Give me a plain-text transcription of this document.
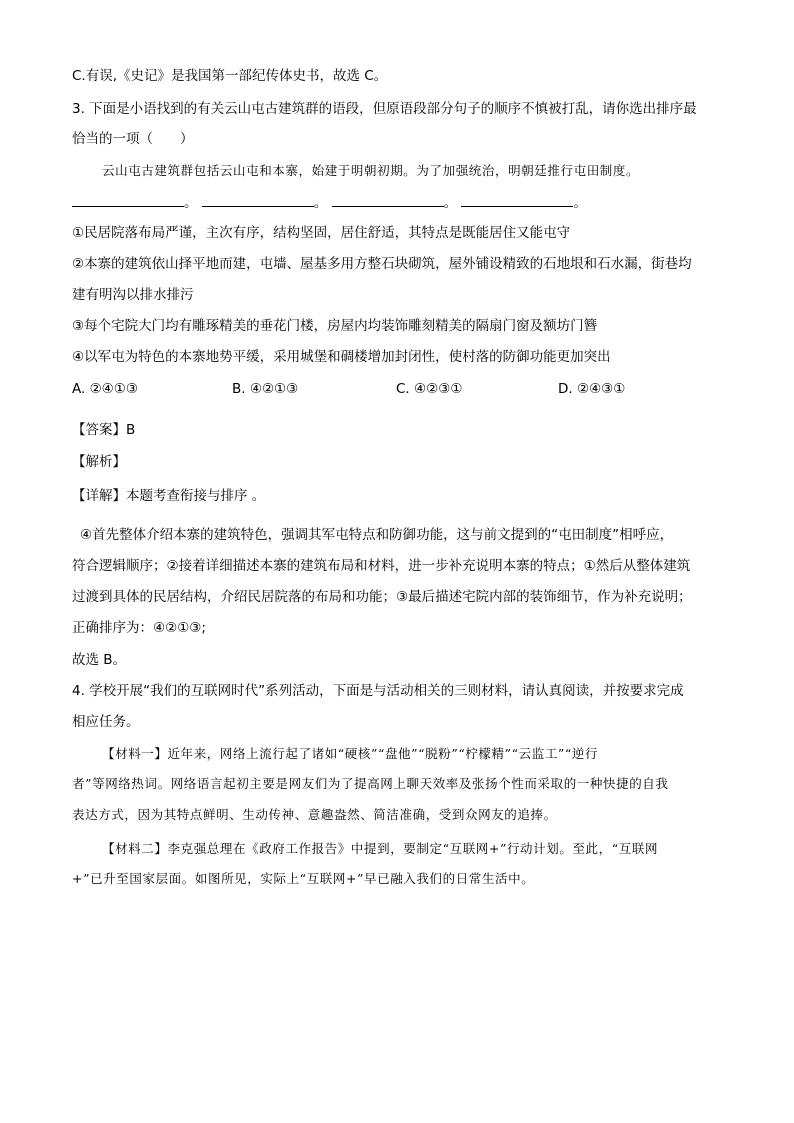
C.有误,《史记》是我国第一部纪传体史书，故选 C。
3. 下面是小语找到的有关云山屯古建筑群的语段，但原语段部分句子的顺序不慎被打乱，请你选出排序最
恰当的一项（　　）
云山屯古建筑群包括云山屯和本寨，始建于明朝初期。为了加强统治，明朝廷推行屯田制度。
。	。	。	。
①民居院落布局严谨，主次有序，结构坚固，居住舒适，其特点是既能居住又能屯守
②本寨的建筑依山择平地而建，屯墙、屋基多用方整石块砌筑，屋外铺设精致的石地垠和石水漏，街巷均
建有明沟以排水排污
③每个宅院大门均有雕琢精美的垂花门楼，房屋内均装饰雕刻精美的隔扇门窗及额坊门簪
④以军屯为特色的本寨地势平缓，采用城堡和碉楼增加封闭性，使村落的防御功能更加突出
A. ②④①③	B. ④②①③	C. ④②③①	D. ②④③①
【答案】B
【解析】
【详解】本题考查衔接与排序 。
④首先整体介绍本寨的建筑特色，强调其军屯特点和防御功能，这与前文提到的“屯田制度”相呼应，
符合逻辑顺序；②接着详细描述本寨的建筑布局和材料，进一步补充说明本寨的特点；①然后从整体建筑
过渡到具体的民居结构，介绍民居院落的布局和功能；③最后描述宅院内部的装饰细节，作为补充说明；
正确排序为：④②①③;
故选 B。
4. 学校开展“我们的互联网时代”系列活动，下面是与活动相关的三则材料，请认真阅读，并按要求完成
相应任务。
【材料一】近年来，网络上流行起了诸如“硬核”“盘他”“脱粉”“柠檬精”“云监工”“逆行
者”等网络热词。网络语言起初主要是网友们为了提高网上聊天效率及张扬个性而采取的一种快捷的自我
表达方式，因为其特点鲜明、生动传神、意趣盎然、简洁准确，受到众网友的追捧。
【材料二】李克强总理在《政府工作报告》中提到，要制定“互联网+”行动计划。至此，“互联网
+”已升至国家层面。如图所见，实际上“互联网+”早已融入我们的日常生活中。
